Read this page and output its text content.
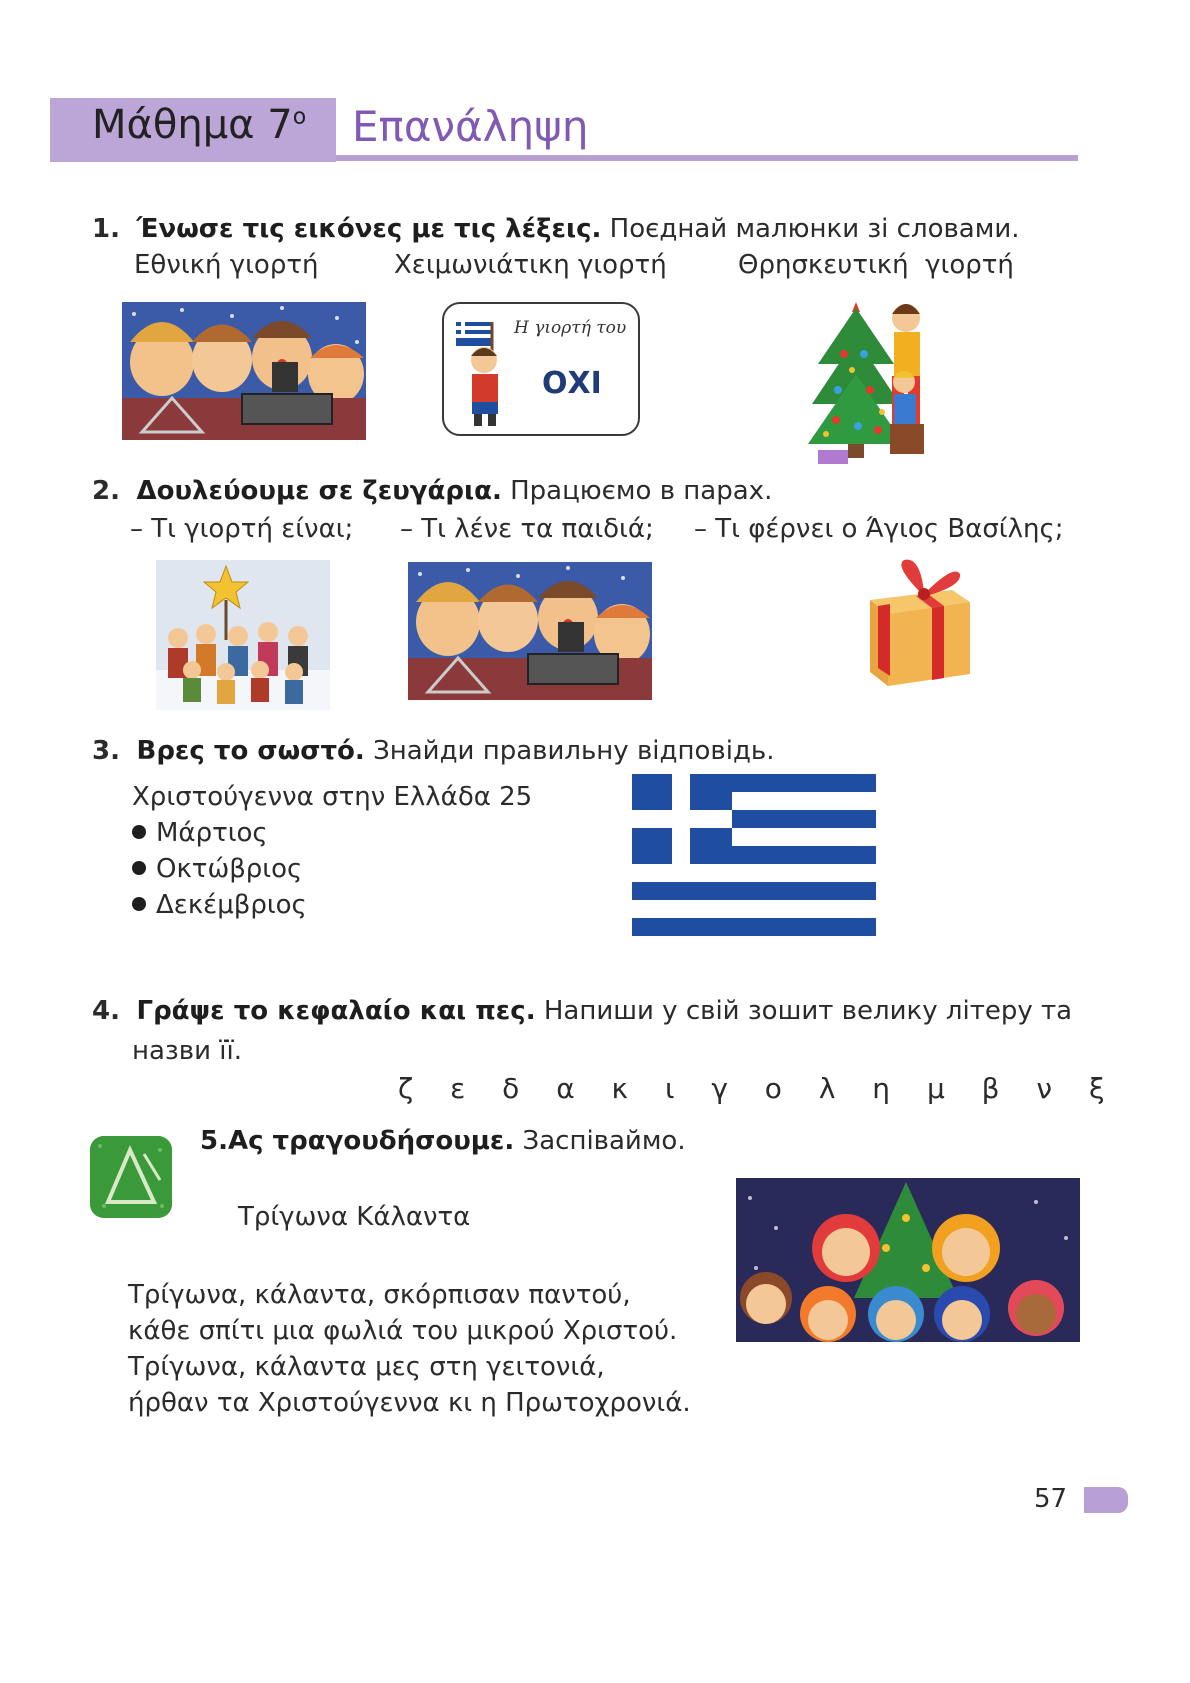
Μάθημα $7^o$ Επανάληψη
1. Ένωσε τις εικόνες με τις λέξεις. Поєднай малюнки зі словами.
Εθνική γιορτή	Χειμωνιάτικη γιορτή	Θρησκευτική  γιορτή
Η γιορτή του
ΟΧΙ
2. Δουλεύουμε σε ζευγάρια. Працюємо в парах.
– Τι γιορτή είναι; – Τι λένε τα παιδιά; – Τι φέρνει ο Άγιος Βασίλης;
3. Βρες το σωστό. Знайди правильну відповідь.
Χριστούγεννα στην Ελλάδα 25
Μάρτιος
Οκτώβριος
Δεκέμβριος
4. Γράψε το κεφαλαίο και πες. Напиши у свій зошит велику літеру та
назви її.
ζ ε δ α κ ι γ ο λ η μ β ν ξ
5.Ας τραγουδήσουμε. Заспіваймо.
Τρίγωνα Κάλαντα
Τρίγωνα, κάλαντα, σκόρπισαν παντού,
κάθε σπίτι μια φωλιά του μικρού Χριστού.
Τρίγωνα, κάλαντα μες στη γειτονιά,
ήρθαν τα Χριστούγεννα κι η Πρωτοχρονιά.
57
